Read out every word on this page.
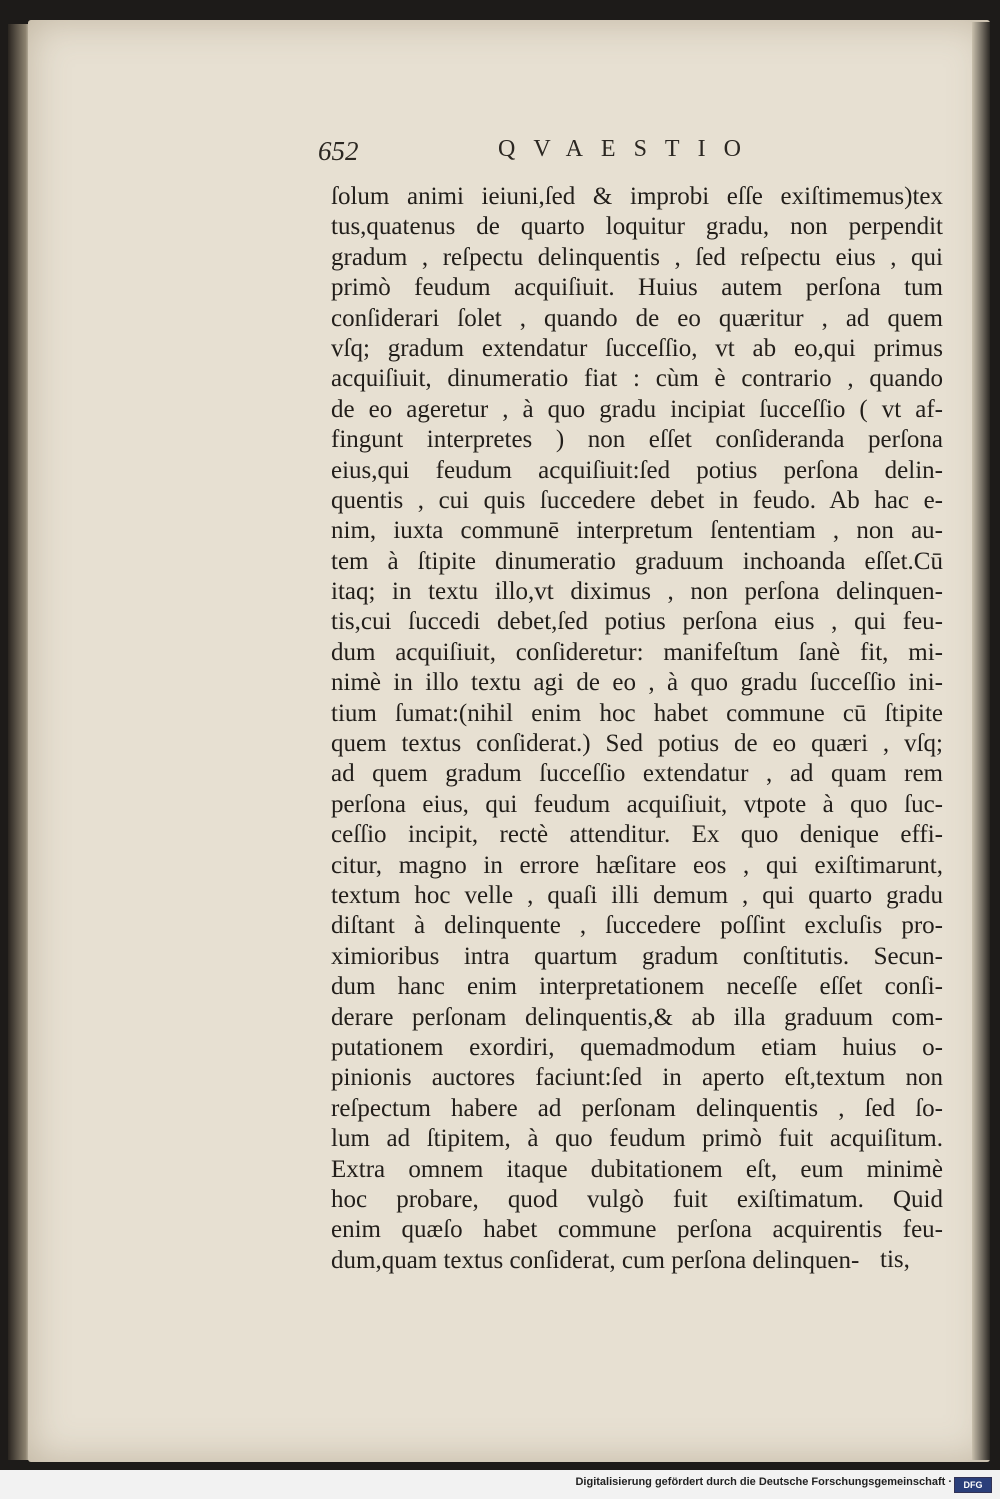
652	QVAESTIO
ſolum animi ieiuni,ſed & improbi eſſe exiſtimemus)tex
tus,quatenus de quarto loquitur gradu, non perpendit
gradum , reſpectu delinquentis , ſed reſpectu eius , qui
primò feudum acquiſiuit. Huius autem perſona tum
conſiderari ſolet , quando de eo quæritur , ad quem
vſq; gradum extendatur ſucceſſio, vt ab eo,qui primus
acquiſiuit, dinumeratio fiat : cùm è contrario , quando
de eo ageretur , à quo gradu incipiat ſucceſſio ( vt af-
fingunt interpretes ) non eſſet conſideranda perſona
eius,qui feudum acquiſiuit:ſed potius perſona delin-
quentis , cui quis ſuccedere debet in feudo. Ab hac e-
nim, iuxta communē interpretum ſententiam , non au-
tem à ſtipite dinumeratio graduum inchoanda eſſet.Cū
itaq; in textu illo,vt diximus , non perſona delinquen-
tis,cui ſuccedi debet,ſed potius perſona eius , qui feu-
dum acquiſiuit, conſideretur: manifeſtum ſanè fit, mi-
nimè in illo textu agi de eo , à quo gradu ſucceſſio ini-
tium ſumat:(nihil enim hoc habet commune cū ſtipite
quem textus conſiderat.) Sed potius de eo quæri , vſq;
ad quem gradum ſucceſſio extendatur , ad quam rem
perſona eius, qui feudum acquiſiuit, vtpote à quo ſuc-
ceſſio incipit, rectè attenditur. Ex quo denique effi-
citur, magno in errore hæſitare eos , qui exiſtimarunt,
textum hoc velle , quaſi illi demum , qui quarto gradu
diſtant à delinquente , ſuccedere poſſint excluſis pro-
ximioribus intra quartum gradum conſtitutis. Secun-
dum hanc enim interpretationem neceſſe eſſet conſi-
derare perſonam delinquentis,& ab illa graduum com-
putationem exordiri, quemadmodum etiam huius o-
pinionis auctores faciunt:ſed in aperto eſt,textum non
reſpectum habere ad perſonam delinquentis , ſed ſo-
lum ad ſtipitem, à quo feudum primò fuit acquiſitum.
Extra omnem itaque dubitationem eſt, eum minimè
hoc probare, quod vulgò fuit exiſtimatum. Quid
enim quæſo habet commune perſona acquirentis feu-
dum,quam textus conſiderat, cum perſona delinquen- tis,
Digitalisierung gefördert durch die Deutsche Forschungsgemeinschaft ·	DFG
